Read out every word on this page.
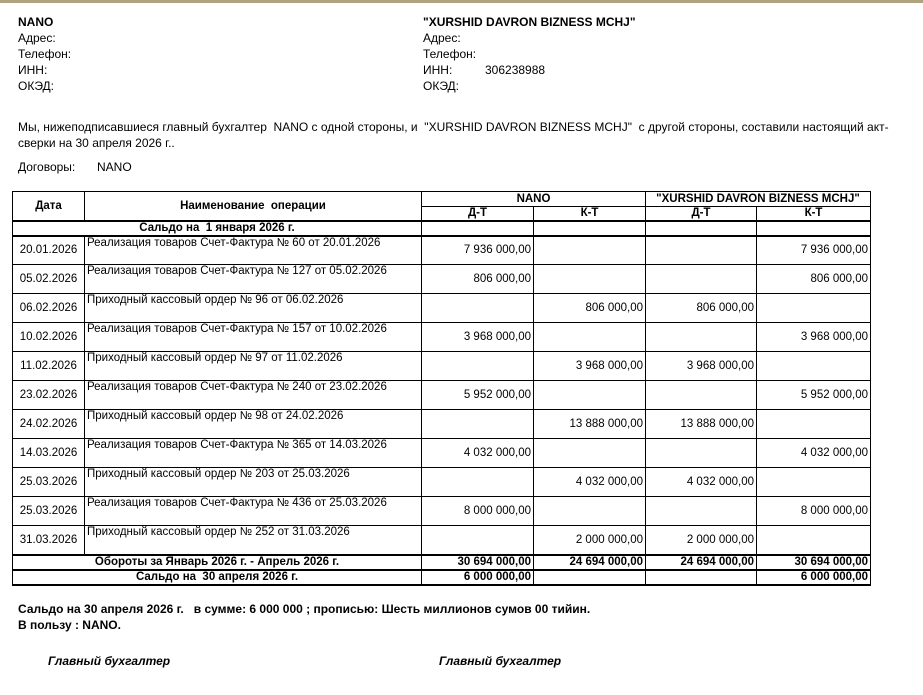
NANO
Адрес:
Телефон:
ИНН:
ОКЭД:
"XURSHID DAVRON BIZNESS MCHJ"
Адрес:
Телефон:
ИНН:	306238988
ОКЭД:
Мы, нижеподписавшиеся главный бухгалтер  NANO с одной стороны, и  "XURSHID DAVRON BIZNESS MCHJ"  с другой стороны, составили настоящий акт-сверки на 30 апреля 2026 г..
Договоры: NANO
Дата	Наименование  операции	NANO		"XURSHID DAVRON BIZNESS MCHJ"	
		Д-Т	К-Т	Д-Т	К-Т
Сальдо на  1 января 2026 г.					
20.01.2026	Реализация товаров Счет-Фактура № 60 от 20.01.2026	7 936 000,00			7 936 000,00
05.02.2026	Реализация товаров Счет-Фактура № 127 от 05.02.2026	806 000,00			806 000,00
06.02.2026	Приходный кассовый ордер № 96 от 06.02.2026		806 000,00	806 000,00	
10.02.2026	Реализация товаров Счет-Фактура № 157 от 10.02.2026	3 968 000,00			3 968 000,00
11.02.2026	Приходный кассовый ордер № 97 от 11.02.2026		3 968 000,00	3 968 000,00	
23.02.2026	Реализация товаров Счет-Фактура № 240 от 23.02.2026	5 952 000,00			5 952 000,00
24.02.2026	Приходный кассовый ордер № 98 от 24.02.2026		13 888 000,00	13 888 000,00	
14.03.2026	Реализация товаров Счет-Фактура № 365 от 14.03.2026	4 032 000,00			4 032 000,00
25.03.2026	Приходный кассовый ордер № 203 от 25.03.2026		4 032 000,00	4 032 000,00	
25.03.2026	Реализация товаров Счет-Фактура № 436 от 25.03.2026	8 000 000,00			8 000 000,00
31.03.2026	Приходный кассовый ордер № 252 от 31.03.2026		2 000 000,00	2 000 000,00	
Обороты за Январь 2026 г. - Апрель 2026 г.		30 694 000,00	24 694 000,00	24 694 000,00	30 694 000,00
Сальдо на  30 апреля 2026 г.		6 000 000,00			6 000 000,00
Сальдо на 30 апреля 2026 г.   в сумме: 6 000 000 ; прописью: Шесть миллионов сумов 00 тийин.
В пользу : NANO.
Главный бухгалтер	Главный бухгалтер
